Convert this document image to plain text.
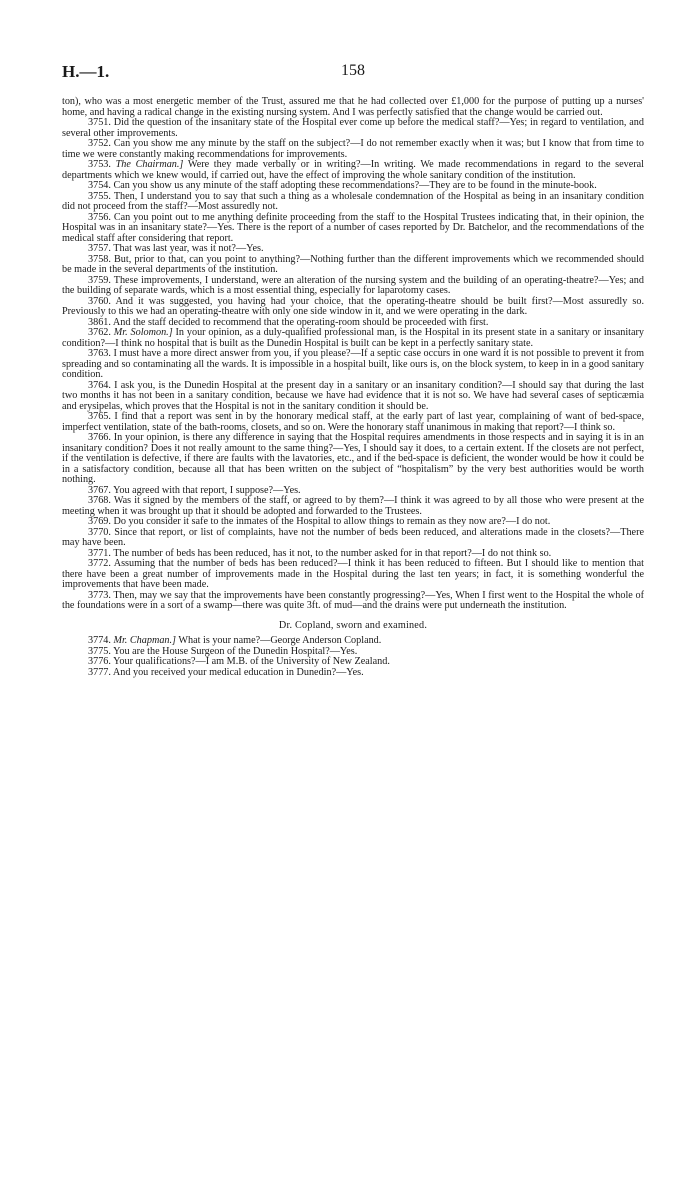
H.—1.	158

ton), who was a most energetic member of the Trust, assured me that he had collected over £1,000 for the purpose of putting up a nurses' home, and having a radical change in the existing nursing system. And I was perfectly satisfied that the change would be carried out.

3751. Did the question of the insanitary state of the Hospital ever come up before the medical staff?—Yes; in regard to ventilation, and several other improvements.

3752. Can you show me any minute by the staff on the subject?—I do not remember exactly when it was; but I know that from time to time we were constantly making recommendations for improvements.

3753. The Chairman.] Were they made verbally or in writing?—In writing. We made recommendations in regard to the several departments which we knew would, if carried out, have the effect of improving the whole sanitary condition of the institution.

3754. Can you show us any minute of the staff adopting these recommendations?—They are to be found in the minute-book.

3755. Then, I understand you to say that such a thing as a wholesale condemnation of the Hospital as being in an insanitary condition did not proceed from the staff?—Most assuredly not.

3756. Can you point out to me anything definite proceeding from the staff to the Hospital Trustees indicating that, in their opinion, the Hospital was in an insanitary state?—Yes. There is the report of a number of cases reported by Dr. Batchelor, and the recommendations of the medical staff after considering that report.

3757. That was last year, was it not?—Yes.

3758. But, prior to that, can you point to anything?—Nothing further than the different improvements which we recommended should be made in the several departments of the institution.

3759. These improvements, I understand, were an alteration of the nursing system and the building of an operating-theatre?—Yes; and the building of separate wards, which is a most essential thing, especially for laparotomy cases.

3760. And it was suggested, you having had your choice, that the operating-theatre should be built first?—Most assuredly so. Previously to this we had an operating-theatre with only one side window in it, and we were operating in the dark.

3861. And the staff decided to recommend that the operating-room should be proceeded with first.

3762. Mr. Solomon.] In your opinion, as a duly-qualified professional man, is the Hospital in its present state in a sanitary or insanitary condition?—I think no hospital that is built as the Dunedin Hospital is built can be kept in a perfectly sanitary state.

3763. I must have a more direct answer from you, if you please?—If a septic case occurs in one ward it is not possible to prevent it from spreading and so contaminating all the wards. It is impossible in a hospital built, like ours is, on the block system, to keep in in a good sanitary condition.

3764. I ask you, is the Dunedin Hospital at the present day in a sanitary or an insanitary condition?—I should say that during the last two months it has not been in a sanitary condition, because we have had evidence that it is not so. We have had several cases of septicæmia and erysipelas, which proves that the Hospital is not in the sanitary condition it should be.

3765. I find that a report was sent in by the honorary medical staff, at the early part of last year, complaining of want of bed-space, imperfect ventilation, state of the bath-rooms, closets, and so on. Were the honorary staff unanimous in making that report?—I think so.

3766. In your opinion, is there any difference in saying that the Hospital requires amendments in those respects and in saying it is in an insanitary condition? Does it not really amount to the same thing?—Yes, I should say it does, to a certain extent. If the closets are not perfect, if the ventilation is defective, if there are faults with the lavatories, etc., and if the bed-space is deficient, the wonder would be how it could be in a satisfactory condition, because all that has been written on the subject of “hospitalism” by the very best authorities would be worth nothing.

3767. You agreed with that report, I suppose?—Yes.

3768. Was it signed by the members of the staff, or agreed to by them?—I think it was agreed to by all those who were present at the meeting when it was brought up that it should be adopted and forwarded to the Trustees.

3769. Do you consider it safe to the inmates of the Hospital to allow things to remain as they now are?—I do not.

3770. Since that report, or list of complaints, have not the number of beds been reduced, and alterations made in the closets?—There may have been.

3771. The number of beds has been reduced, has it not, to the number asked for in that report?—I do not think so.

3772. Assuming that the number of beds has been reduced?—I think it has been reduced to fifteen. But I should like to mention that there have been a great number of improvements made in the Hospital during the last ten years; in fact, it is something wonderful the improvements that have been made.

3773. Then, may we say that the improvements have been constantly progressing?—Yes, When I first went to the Hospital the whole of the foundations were in a sort of a swamp—there was quite 3ft. of mud—and the drains were put underneath the institution.

Dr. Copland, sworn and examined.

3774. Mr. Chapman.] What is your name?—George Anderson Copland.

3775. You are the House Surgeon of the Dunedin Hospital?—Yes.

3776. Your qualifications?—I am M.B. of the University of New Zealand.

3777. And you received your medical education in Dunedin?—Yes.
